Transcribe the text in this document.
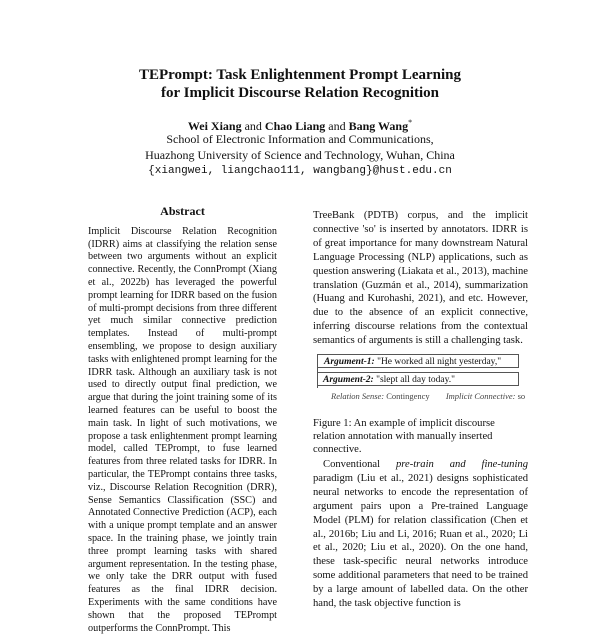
TEPrompt: Task Enlightenment Prompt Learning
for Implicit Discourse Relation Recognition
Wei Xiang and Chao Liang and Bang Wang*
School of Electronic Information and Communications,
Huazhong University of Science and Technology, Wuhan, China
{xiangwei, liangchao111, wangbang}@hust.edu.cn
Abstract

Implicit Discourse Relation Recognition (IDRR) aims at classifying the relation sense between two arguments without an explicit connective. Recently, the ConnPrompt (Xiang et al., 2022b) has leveraged the powerful prompt learning for IDRR based on the fusion of multi-prompt decisions from three different yet much similar connective prediction templates. Instead of multi-prompt ensembling, we propose to design auxiliary tasks with enlightened prompt learning for the IDRR task. Although an auxiliary task is not used to directly output final prediction, we argue that during the joint training some of its learned features can be useful to boost the main task. In light of such motivations, we propose a task enlightenment prompt learning model, called TEPrompt, to fuse learned features from three related tasks for IDRR. In particular, the TEPrompt contains three tasks, viz., Discourse Relation Recognition (DRR), Sense Semantics Classification (SSC) and Annotated Connective Prediction (ACP), each with a unique prompt template and an answer space. In the training phase, we jointly train three prompt learning tasks with shared argument representation. In the testing phase, we only take the DRR output with fused features as the final IDRR decision. Experiments with the same conditions have shown that the proposed TEPrompt outperforms the ConnPrompt. This

TreeBank (PDTB) corpus, and the implicit connective 'so' is inserted by annotators. IDRR is of great importance for many downstream Natural Language Processing (NLP) applications, such as question answering (Liakata et al., 2013), machine translation (Guzmán et al., 2014), summarization (Huang and Kurohashi, 2021), and etc. However, due to the absence of an explicit connective, inferring discourse relations from the contextual semantics of arguments is still a challenging task.

Argument-1: "He worked all night yesterday,"
Argument-2: "slept all day today."
Relation Sense: Contingency Implicit Connective: so
Figure 1: An example of implicit discourse relation annotation with manually inserted connective.

Conventional pre-train and fine-tuning paradigm (Liu et al., 2021) designs sophisticated neural networks to encode the representation of argument pairs upon a Pre-trained Language Model (PLM) for relation classification (Chen et al., 2016b; Liu and Li, 2016; Ruan et al., 2020; Li et al., 2020; Liu et al., 2020). On the one hand, these task-specific neural networks introduce some additional parameters that need to be trained by a large amount of labelled data. On the other hand, the task objective function is
